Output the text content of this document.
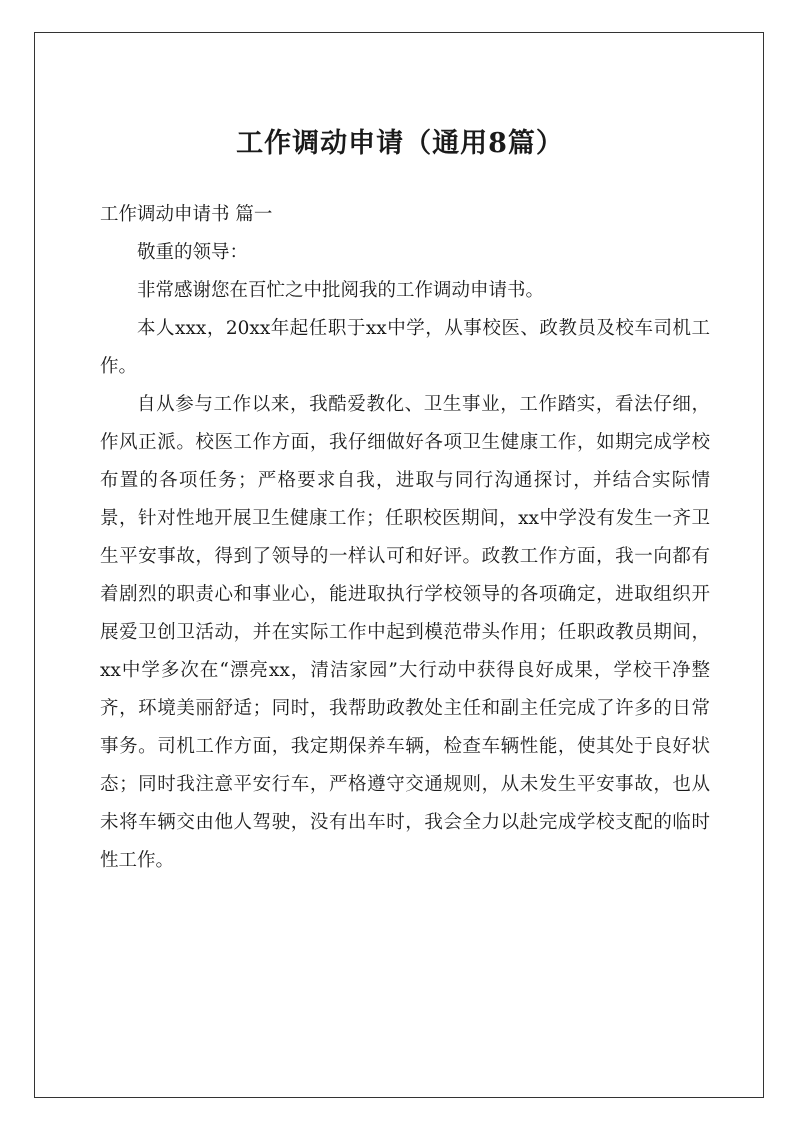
工作调动申请（通用8篇）

工作调动申请书 篇一

敬重的领导：

非常感谢您在百忙之中批阅我的工作调动申请书。

本人xxx，20xx年起任职于xx中学，从事校医、政教员及校车司机工作。

自从参与工作以来，我酷爱教化、卫生事业，工作踏实，看法仔细，作风正派。校医工作方面，我仔细做好各项卫生健康工作，如期完成学校布置的各项任务；严格要求自我，进取与同行沟通探讨，并结合实际情景，针对性地开展卫生健康工作；任职校医期间，xx中学没有发生一齐卫生平安事故，得到了领导的一样认可和好评。政教工作方面，我一向都有着剧烈的职责心和事业心，能进取执行学校领导的各项确定，进取组织开展爱卫创卫活动，并在实际工作中起到模范带头作用；任职政教员期间，xx中学多次在“漂亮xx，清洁家园”大行动中获得良好成果，学校干净整齐，环境美丽舒适；同时，我帮助政教处主任和副主任完成了许多的日常事务。司机工作方面，我定期保养车辆，检查车辆性能，使其处于良好状态；同时我注意平安行车，严格遵守交通规则，从未发生平安事故，也从未将车辆交由他人驾驶，没有出车时，我会全力以赴完成学校支配的临时性工作。
